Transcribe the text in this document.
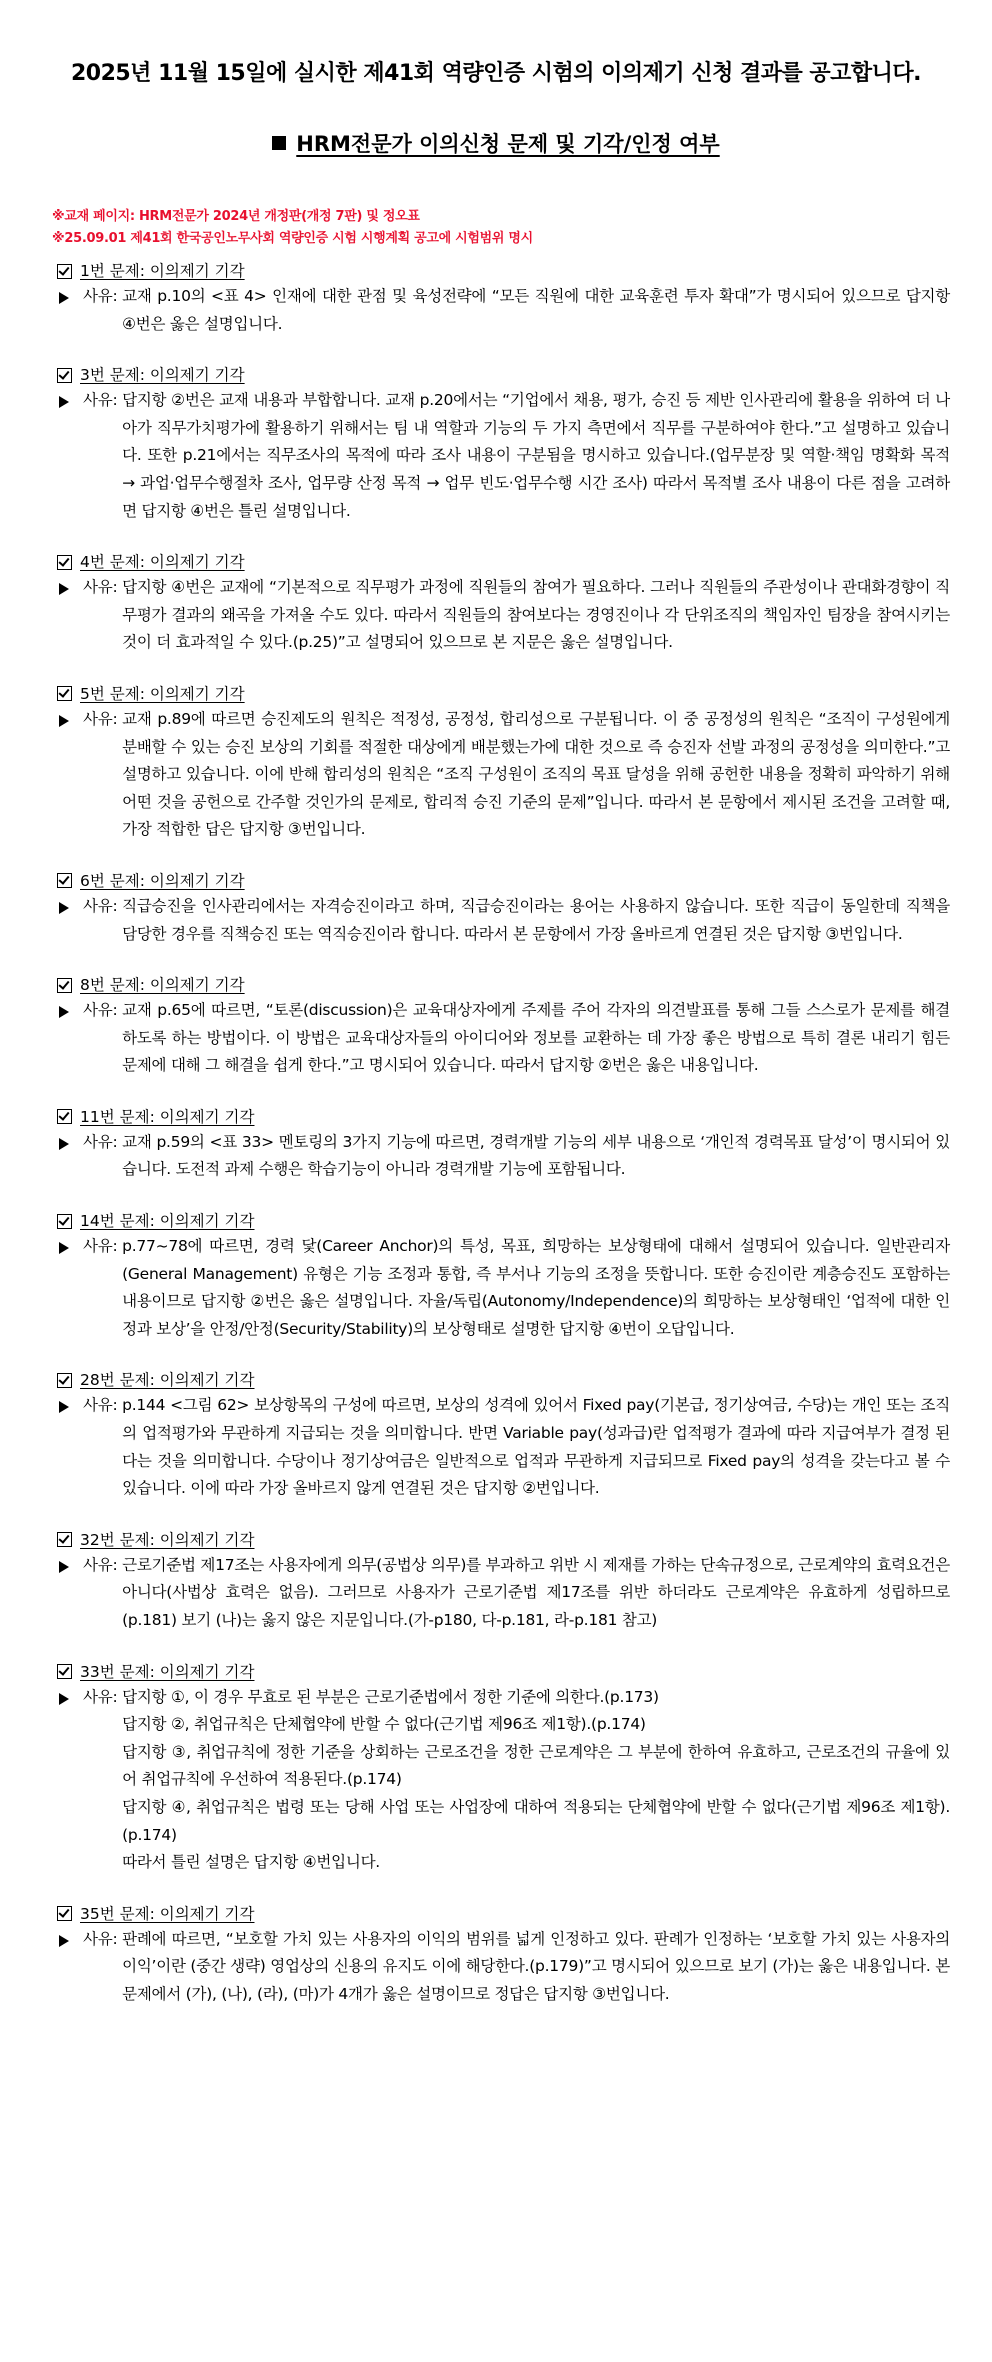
2025년 11월 15일에 실시한 제41회 역량인증 시험의 이의제기 신청 결과를 공고합니다.
HRM전문가 이의신청 문제 및 기각/인정 여부
※교재 페이지: HRM전문가 2024년 개정판(개정 7판) 및 정오표
※25.09.01 제41회 한국공인노무사회 역량인증 시험 시행계획 공고에 시험범위 명시
1번 문제: 이의제기 기각
사유: 교재 p.10의 <표 4> 인재에 대한 관점 및 육성전략에 “모든 직원에 대한 교육훈련 투자 확대”가 명시되어 있으므로 답지항 ④번은 옳은 설명입니다.
3번 문제: 이의제기 기각
사유: 답지항 ②번은 교재 내용과 부합합니다. 교재 p.20에서는 “기업에서 채용, 평가, 승진 등 제반 인사관리에 활용을 위하여 더 나아가 직무가치평가에 활용하기 위해서는 팀 내 역할과 기능의 두 가지 측면에서 직무를 구분하여야 한다.”고 설명하고 있습니다. 또한 p.21에서는 직무조사의 목적에 따라 조사 내용이 구분됨을 명시하고 있습니다.(업무분장 및 역할·책임 명확화 목적 → 과업·업무수행절차 조사, 업무량 산정 목적 → 업무 빈도·업무수행 시간 조사) 따라서 목적별 조사 내용이 다른 점을 고려하면 답지항 ④번은 틀린 설명입니다.
4번 문제: 이의제기 기각
사유: 답지항 ④번은 교재에 “기본적으로 직무평가 과정에 직원들의 참여가 필요하다. 그러나 직원들의 주관성이나 관대화경향이 직무평가 결과의 왜곡을 가져올 수도 있다. 따라서 직원들의 참여보다는 경영진이나 각 단위조직의 책임자인 팀장을 참여시키는 것이 더 효과적일 수 있다.(p.25)”고 설명되어 있으므로 본 지문은 옳은 설명입니다.
5번 문제: 이의제기 기각
사유: 교재 p.89에 따르면 승진제도의 원칙은 적정성, 공정성, 합리성으로 구분됩니다. 이 중 공정성의 원칙은 “조직이 구성원에게 분배할 수 있는 승진 보상의 기회를 적절한 대상에게 배분했는가에 대한 것으로 즉 승진자 선발 과정의 공정성을 의미한다.”고 설명하고 있습니다. 이에 반해 합리성의 원칙은 “조직 구성원이 조직의 목표 달성을 위해 공헌한 내용을 정확히 파악하기 위해 어떤 것을 공헌으로 간주할 것인가의 문제로, 합리적 승진 기준의 문제”입니다. 따라서 본 문항에서 제시된 조건을 고려할 때, 가장 적합한 답은 답지항 ③번입니다.
6번 문제: 이의제기 기각
사유: 직급승진을 인사관리에서는 자격승진이라고 하며, 직급승진이라는 용어는 사용하지 않습니다. 또한 직급이 동일한데 직책을 담당한 경우를 직책승진 또는 역직승진이라 합니다. 따라서 본 문항에서 가장 올바르게 연결된 것은 답지항 ③번입니다.
8번 문제: 이의제기 기각
사유: 교재 p.65에 따르면, “토론(discussion)은 교육대상자에게 주제를 주어 각자의 의견발표를 통해 그들 스스로가 문제를 해결 하도록 하는 방법이다. 이 방법은 교육대상자들의 아이디어와 정보를 교환하는 데 가장 좋은 방법으로 특히 결론 내리기 힘든 문제에 대해 그 해결을 쉽게 한다.”고 명시되어 있습니다. 따라서 답지항 ②번은 옳은 내용입니다.
11번 문제: 이의제기 기각
사유: 교재 p.59의 <표 33> 멘토링의 3가지 기능에 따르면, 경력개발 기능의 세부 내용으로 ‘개인적 경력목표 달성’이 명시되어 있습니다. 도전적 과제 수행은 학습기능이 아니라 경력개발 기능에 포함됩니다.
14번 문제: 이의제기 기각
사유: p.77~78에 따르면, 경력 닻(Career Anchor)의 특성, 목표, 희망하는 보상형태에 대해서 설명되어 있습니다. 일반관리자(General Management) 유형은 기능 조정과 통합, 즉 부서나 기능의 조정을 뜻합니다. 또한 승진이란 계층승진도 포함하는 내용이므로 답지항 ②번은 옳은 설명입니다. 자율/독립(Autonomy/Independence)의 희망하는 보상형태인 ‘업적에 대한 인정과 보상’을 안정/안정(Security/Stability)의 보상형태로 설명한 답지항 ④번이 오답입니다.
28번 문제: 이의제기 기각
사유: p.144 <그림 62> 보상항목의 구성에 따르면, 보상의 성격에 있어서 Fixed pay(기본급, 정기상여금, 수당)는 개인 또는 조직의 업적평가와 무관하게 지급되는 것을 의미합니다. 반면 Variable pay(성과급)란 업적평가 결과에 따라 지급여부가 결정 된다는 것을 의미합니다. 수당이나 정기상여금은 일반적으로 업적과 무관하게 지급되므로 Fixed pay의 성격을 갖는다고 볼 수 있습니다. 이에 따라 가장 올바르지 않게 연결된 것은 답지항 ②번입니다.
32번 문제: 이의제기 기각
사유: 근로기준법 제17조는 사용자에게 의무(공법상 의무)를 부과하고 위반 시 제재를 가하는 단속규정으로, 근로계약의 효력요건은 아니다(사법상 효력은 없음). 그러므로 사용자가 근로기준법 제17조를 위반 하더라도 근로계약은 유효하게 성립하므로(p.181) 보기 (나)는 옳지 않은 지문입니다.(가-p180, 다-p.181, 라-p.181 참고)
33번 문제: 이의제기 기각
사유: 답지항 ①, 이 경우 무효로 된 부분은 근로기준법에서 정한 기준에 의한다.(p.173)
답지항 ②, 취업규칙은 단체협약에 반할 수 없다(근기법 제96조 제1항).(p.174)
답지항 ③, 취업규칙에 정한 기준을 상회하는 근로조건을 정한 근로계약은 그 부분에 한하여 유효하고, 근로조건의 규율에 있어 취업규칙에 우선하여 적용된다.(p.174)
답지항 ④, 취업규칙은 법령 또는 당해 사업 또는 사업장에 대하여 적용되는 단체협약에 반할 수 없다(근기법 제96조 제1항).(p.174)
따라서 틀린 설명은 답지항 ④번입니다.
35번 문제: 이의제기 기각
사유: 판례에 따르면, “보호할 가치 있는 사용자의 이익의 범위를 넓게 인정하고 있다. 판례가 인정하는 ‘보호할 가치 있는 사용자의 이익’이란 (중간 생략) 영업상의 신용의 유지도 이에 해당한다.(p.179)”고 명시되어 있으므로 보기 (가)는 옳은 내용입니다. 본 문제에서 (가), (나), (라), (마)가 4개가 옳은 설명이므로 정답은 답지항 ③번입니다.
